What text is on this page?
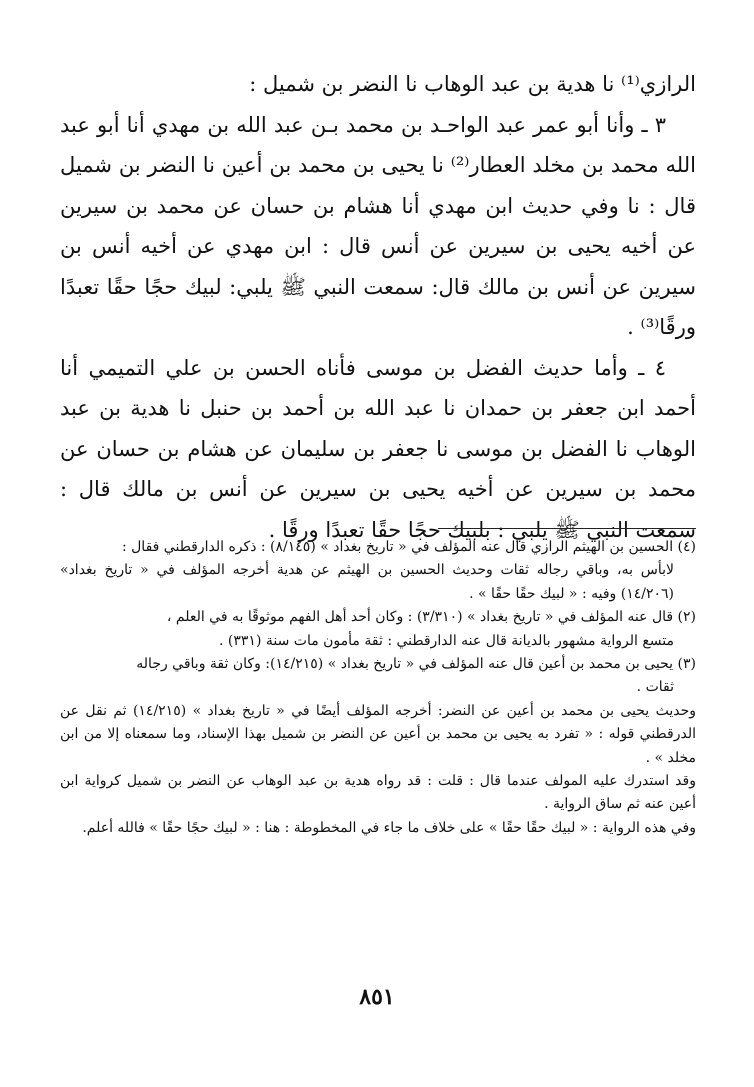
الرازي⁽¹⁾ نا هدية بن عبد الوهاب نا النضر بن شميل :

٣ ـ وأنا أبو عمر عبد الواحـد بن محمد بـن عبد الله بن مهدي أنا أبو عبد الله محمد بن مخلد العطار⁽²⁾ نا يحيى بن محمد بن أعين نا النضر بن شميل قال : نا وفي حديث ابن مهدي أنا هشام بن حسان عن محمد بن سيرين عن أخيه يحيى بن سيرين عن أنس قال : ابن مهدي عن أخيه أنس بن سيرين عن أنس بن مالك قال: سمعت النبي ﷺ يلبي: لبيك حجًا حقًا تعبدًا ورقًا⁽³⁾ .

٤ ـ وأما حديث الفضل بن موسى فأناه الحسن بن علي التميمي أنا أحمد ابن جعفر بن حمدان نا عبد الله بن أحمد بن حنبل نا هدية بن عبد الوهاب نا الفضل بن موسى نا جعفر بن سليمان عن هشام بن حسان عن محمد بن سيرين عن أخيه يحيى بن سيرين عن أنس بن مالك قال : سمعت النبي ﷺ يلبي : بلبيك حجًا حقًا تعبدًا ورقًا .

(٤) الحسين بن الهيثم الرازي قال عنه المؤلف في « تاريخ بغداد » (٨/١٤٥) : ذكره الدارقطني فقال :

لابأس به، وباقي رجاله ثقات وحديث الحسين بن الهيثم عن هدية أخرجه المؤلف في « تاريخ بغداد» (١٤/٢٠٦) وفيه : « لبيك حقًا حقًا » .

(٢) قال عنه المؤلف في « تاريخ بغداد » (٣/٣١٠) : وكان أحد أهل الفهم موثوقًا به في العلم ،

متسع الرواية مشهور بالديانة قال عنه الدارقطني : ثقة مأمون مات سنة (٣٣١) .

(٣) يحيى بن محمد بن أعين قال عنه المؤلف في « تاريخ بغداد » (١٤/٢١٥): وكان ثقة وباقي رجاله

ثقات .

وحديث يحيى بن محمد بن أعين عن النضر: أخرجه المؤلف أيضًا في « تاريخ بغداد » (١٤/٢١٥) ثم نقل عن الدرقطني قوله : « تفرد به يحيى بن محمد بن أعين عن النضر بن شميل بهذا الإسناد، وما سمعناه إلا من ابن مخلد » .

وقد استدرك عليه المولف عندما قال : قلت : قد رواه هدية بن عبد الوهاب عن النضر بن شميل كرواية ابن أعين عنه ثم ساق الرواية .

وفي هذه الرواية : « لبيك حقًا حقًا » على خلاف ما جاء في المخطوطة : هنا : « لبيك حجًا حقًا » فالله أعلم.

٨٥١
